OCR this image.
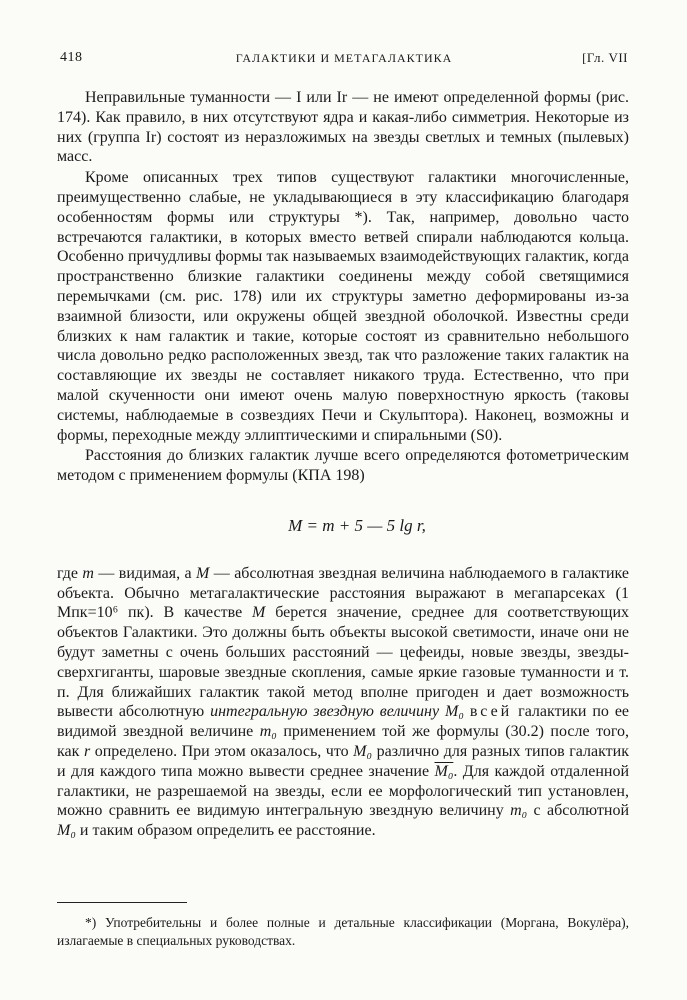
418	ГАЛАКТИКИ И МЕТАГАЛАКТИКА	[Гл. VII

Неправильные туманности — I или Ir — не имеют определенной формы (рис. 174). Как правило, в них отсутствуют ядра и какая-либо симметрия. Некоторые из них (группа Ir) состоят из неразложимых на звезды светлых и темных (пылевых) масс.

Кроме описанных трех типов существуют галактики многочисленные, преимущественно слабые, не укладывающиеся в эту классификацию благодаря особенностям формы или структуры *). Так, например, довольно часто встречаются галактики, в которых вместо ветвей спирали наблюдаются кольца. Особенно причудливы формы так называемых взаимодействующих галактик, когда пространственно близкие галактики соединены между собой светящимися перемычками (см. рис. 178) или их структуры заметно деформированы из-за взаимной близости, или окружены общей звездной оболочкой. Известны среди близких к нам галактик и такие, которые состоят из сравнительно небольшого числа довольно редко расположенных звезд, так что разложение таких галактик на составляющие их звезды не составляет никакого труда. Естественно, что при малой скученности они имеют очень малую поверхностную яркость (таковы системы, наблюдаемые в созвездиях Печи и Скульптора). Наконец, возможны и формы, переходные между эллиптическими и спиральными (S0).

Расстояния до близких галактик лучше всего определяются фотометрическим методом с применением формулы (КПА 198)

M = m + 5 — 5 lg r,

где m — видимая, а M — абсолютная звездная величина наблюдаемого в галактике объекта. Обычно метагалактические расстояния выражают в мегапарсеках (1 Мпк=10⁶ пк). В качестве M берется значение, среднее для соответствующих объектов Галактики. Это должны быть объекты высокой светимости, иначе они не будут заметны с очень больших расстояний — цефеиды, новые звезды, звезды-сверхгиганты, шаровые звездные скопления, самые яркие газовые туманности и т. п. Для ближайших галактик такой метод вполне пригоден и дает возможность вывести абсолютную интегральную звездную величину M₀ всей галактики по ее видимой звездной величине m₀ применением той же формулы (30.2) после того, как r определено. При этом оказалось, что M₀ различно для разных типов галактик и для каждого типа можно вывести среднее значение M₀. Для каждой отдаленной галактики, не разрешаемой на звезды, если ее морфологический тип установлен, можно сравнить ее видимую интегральную звездную величину m₀ с абсолютной M₀ и таким образом определить ее расстояние.

*) Употребительны и более полные и детальные классификации (Моргана, Вокулёра), излагаемые в специальных руководствах.
